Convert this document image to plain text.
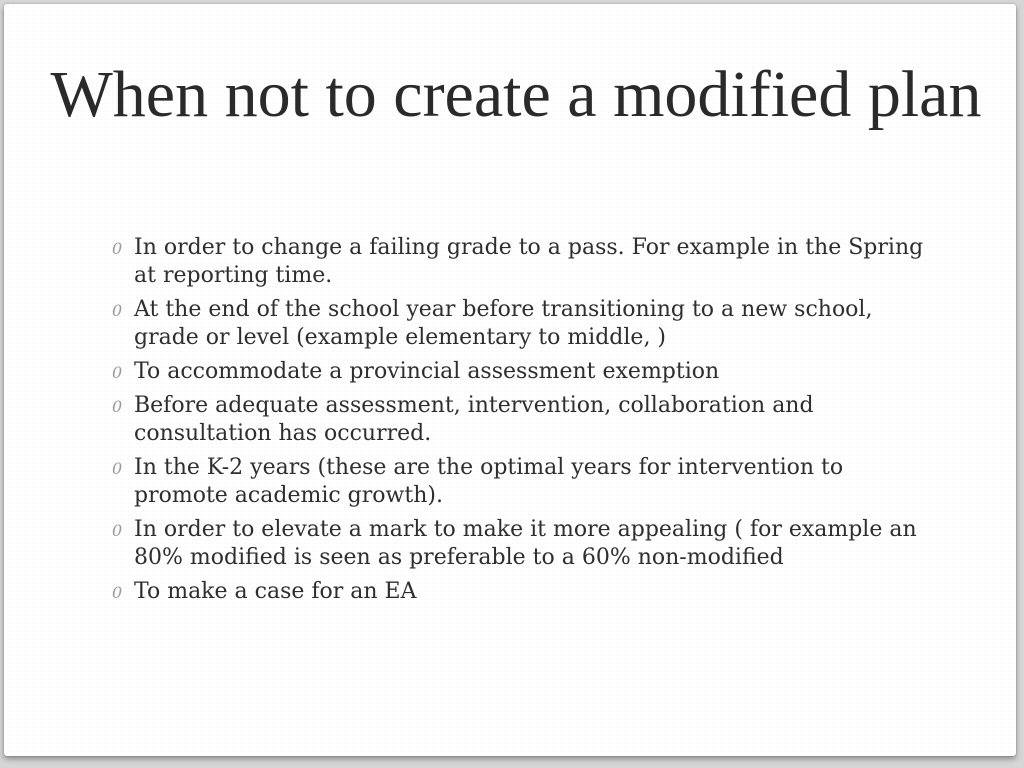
When not to create a modified plan
0 In order to change a failing grade to a pass. For example in the Spring at reporting time.
0 At the end of the school year before transitioning to a new school, grade or level (example elementary to middle, )
0 To accommodate a provincial assessment exemption
0 Before adequate assessment, intervention, collaboration and consultation has occurred.
0 In the K-2 years (these are the optimal years for intervention to promote academic growth).
0 In order to elevate a mark to make it more appealing ( for example an 80% modified is seen as preferable to a 60% non-modified
0 To make a case for an EA
